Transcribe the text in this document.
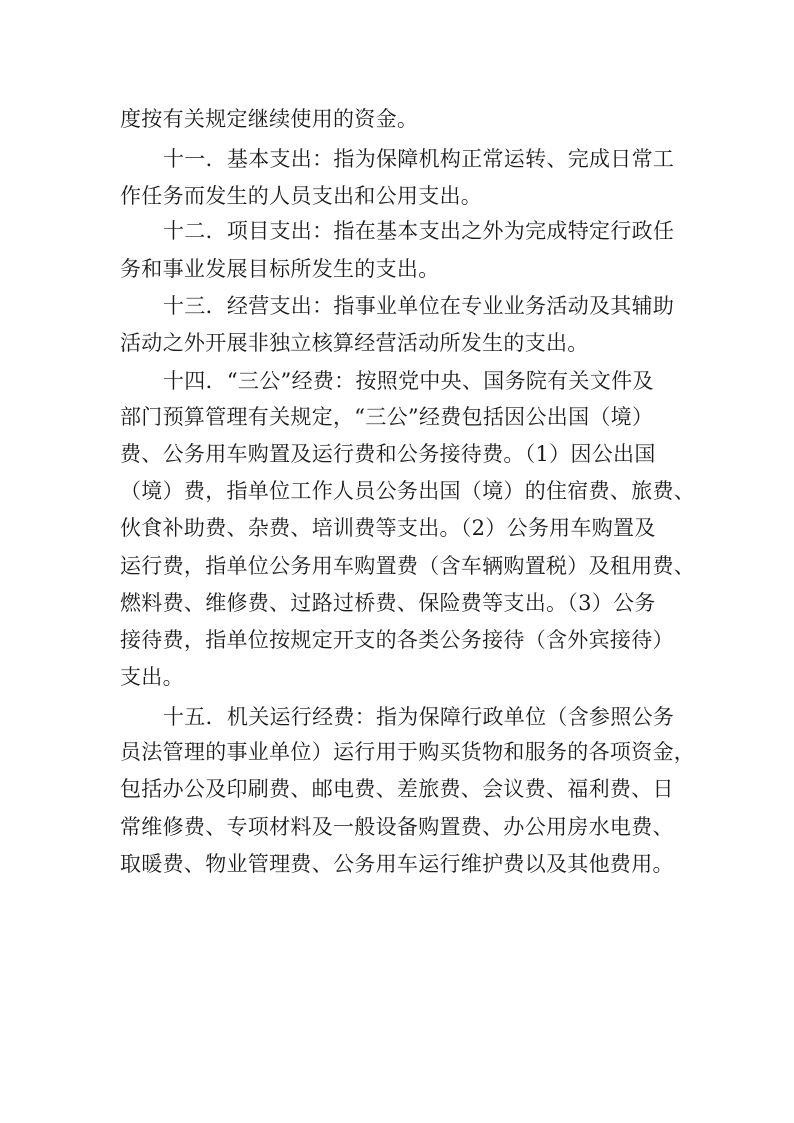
度按有关规定继续使用的资金。
十一．基本支出：指为保障机构正常运转、完成日常工
作任务而发生的人员支出和公用支出。
十二．项目支出：指在基本支出之外为完成特定行政任
务和事业发展目标所发生的支出。
十三．经营支出：指事业单位在专业业务活动及其辅助
活动之外开展非独立核算经营活动所发生的支出。
十四．“三公”经费：按照党中央、国务院有关文件及
部门预算管理有关规定，“三公”经费包括因公出国（境）
费、公务用车购置及运行费和公务接待费。（1）因公出国
（境）费，指单位工作人员公务出国（境）的住宿费、旅费、
伙食补助费、杂费、培训费等支出。（2）公务用车购置及
运行费，指单位公务用车购置费（含车辆购置税）及租用费、
燃料费、维修费、过路过桥费、保险费等支出。（3）公务
接待费，指单位按规定开支的各类公务接待（含外宾接待）
支出。
十五．机关运行经费：指为保障行政单位（含参照公务
员法管理的事业单位）运行用于购买货物和服务的各项资金，
包括办公及印刷费、邮电费、差旅费、会议费、福利费、日
常维修费、专项材料及一般设备购置费、办公用房水电费、
取暖费、物业管理费、公务用车运行维护费以及其他费用。
